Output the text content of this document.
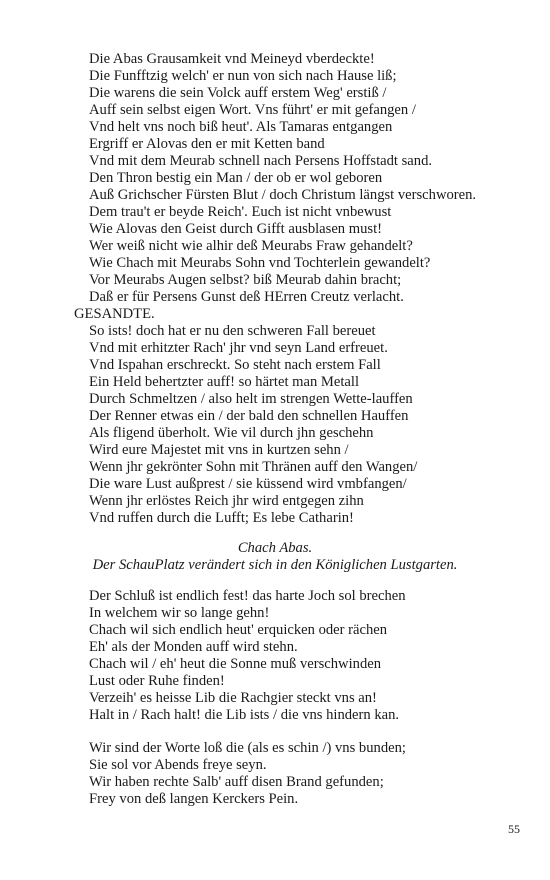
Die Abas Grausamkeit vnd Meineyd vberdeckte!
Die Funfftzig welch' er nun von sich nach Hause liß;
Die warens die sein Volck auff erstem Weg' erstiß /
Auff sein selbst eigen Wort. Vns führt' er mit gefangen /
Vnd helt vns noch biß heut'. Als Tamaras entgangen
Ergriff er Alovas den er mit Ketten band
Vnd mit dem Meurab schnell nach Persens Hoffstadt sand.
Den Thron bestig ein Man / der ob er wol geboren
Auß Grichscher Fürsten Blut / doch Christum längst verschworen.
Dem trau't er beyde Reich'. Euch ist nicht vnbewust
Wie Alovas den Geist durch Gifft ausblasen must!
Wer weiß nicht wie alhir deß Meurabs Fraw gehandelt?
Wie Chach mit Meurabs Sohn vnd Tochterlein gewandelt?
Vor Meurabs Augen selbst? biß Meurab dahin bracht;
Daß er für Persens Gunst deß HErren Creutz verlacht.
GESANDTE.
So ists! doch hat er nu den schweren Fall bereuet
Vnd mit erhitzter Rach' jhr vnd seyn Land erfreuet.
Vnd Ispahan erschreckt. So steht nach erstem Fall
Ein Held behertzter auff! so härtet man Metall
Durch Schmeltzen / also helt im strengen Wette-lauffen
Der Renner etwas ein / der bald den schnellen Hauffen
Als fligend überholt. Wie vil durch jhn geschehn
Wird eure Majestet mit vns in kurtzen sehn /
Wenn jhr gekrönter Sohn mit Thränen auff den Wangen/
Die ware Lust außprest / sie küssend wird vmbfangen/
Wenn jhr erlöstes Reich jhr wird entgegen zihn
Vnd ruffen durch die Lufft; Es lebe Catharin!
Chach Abas.
Der SchauPlatz verändert sich in den Königlichen Lustgarten.
Der Schluß ist endlich fest! das harte Joch sol brechen
In welchem wir so lange gehn!
Chach wil sich endlich heut' erquicken oder rächen
Eh' als der Monden auff wird stehn.
Chach wil / eh' heut die Sonne muß verschwinden
Lust oder Ruhe finden!
Verzeih' es heisse Lib die Rachgier steckt vns an!
Halt in / Rach halt! die Lib ists / die vns hindern kan.
Wir sind der Worte loß die (als es schin /) vns bunden;
Sie sol vor Abends freye seyn.
Wir haben rechte Salb' auff disen Brand gefunden;
Frey von deß langen Kerckers Pein.
55
